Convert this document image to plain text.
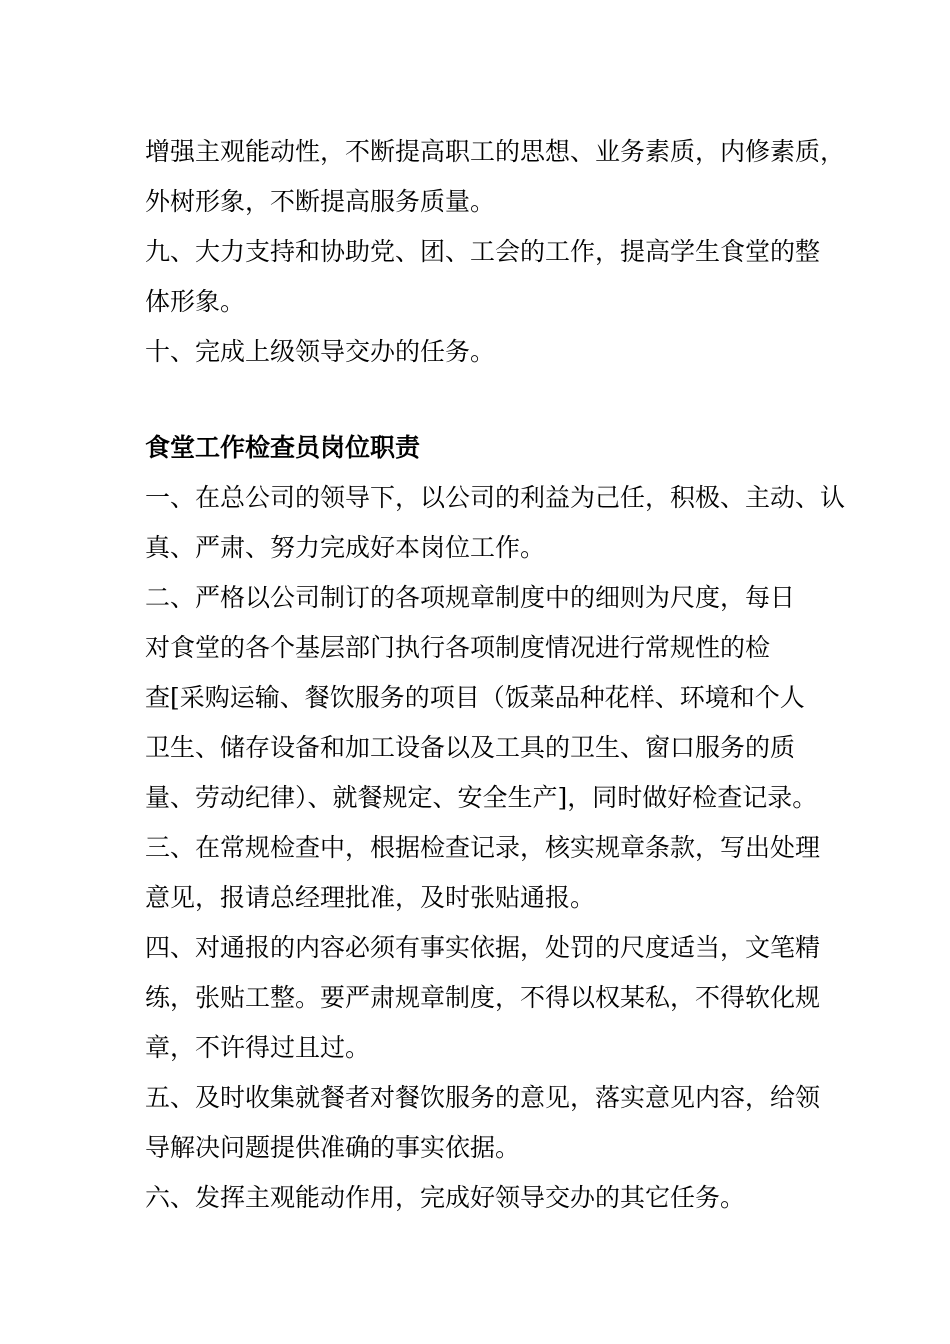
增强主观能动性，不断提高职工的思想、业务素质，内修素质，
外树形象，不断提高服务质量。
九、大力支持和协助党、团、工会的工作，提高学生食堂的整
体形象。
十、完成上级领导交办的任务。
食堂工作检查员岗位职责
一、在总公司的领导下，以公司的利益为己任，积极、主动、认
真、严肃、努力完成好本岗位工作。
二、严格以公司制订的各项规章制度中的细则为尺度，每日
对食堂的各个基层部门执行各项制度情况进行常规性的检
查[采购运输、餐饮服务的项目（饭菜品种花样、环境和个人
卫生、储存设备和加工设备以及工具的卫生、窗口服务的质
量、劳动纪律）、就餐规定、安全生产]，同时做好检查记录。
三、在常规检查中，根据检查记录，核实规章条款，写出处理
意见，报请总经理批准，及时张贴通报。
四、对通报的内容必须有事实依据，处罚的尺度适当，文笔精
练，张贴工整。要严肃规章制度，不得以权某私，不得软化规
章，不许得过且过。
五、及时收集就餐者对餐饮服务的意见，落实意见内容，给领
导解决问题提供准确的事实依据。
六、发挥主观能动作用，完成好领导交办的其它任务。
